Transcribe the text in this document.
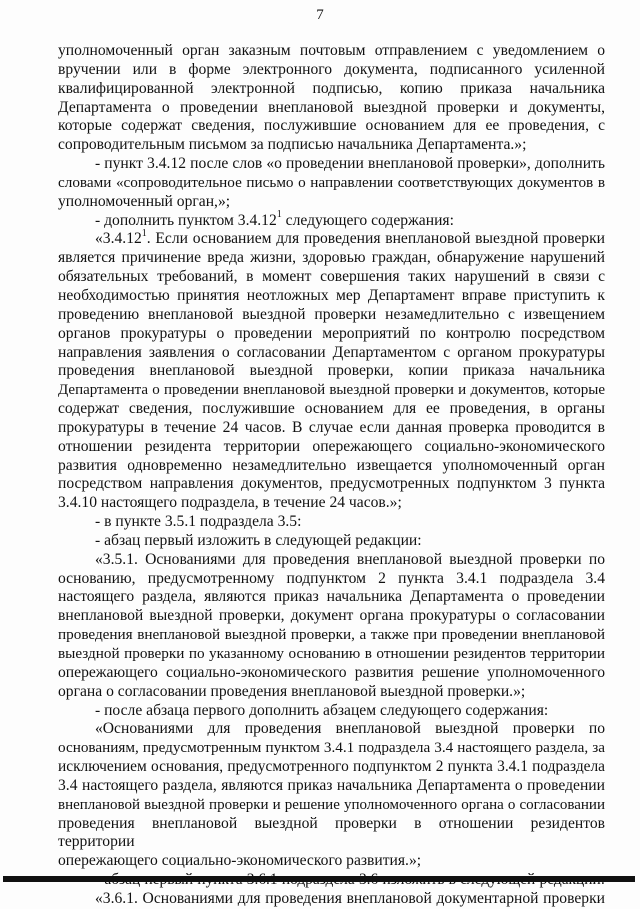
7

уполномоченный орган заказным почтовым отправлением с уведомлением о

вручении или в форме электронного документа, подписанного усиленной

квалифицированной электронной подписью, копию приказа начальника

Департамента о проведении внеплановой выездной проверки и документы,

которые содержат сведения, послужившие основанием для ее проведения, с

сопроводительным письмом за подписью начальника Департамента.»;

- пункт 3.4.12 после слов «о проведении внеплановой проверки», дополнить

словами «сопроводительное письмо о направлении соответствующих документов в

уполномоченный орган,»;

- дополнить пунктом 3.4.12$^1$ следующего содержания:

«3.4.12$^1$. Если основанием для проведения внеплановой выездной проверки

является причинение вреда жизни, здоровью граждан, обнаружение нарушений

обязательных требований, в момент совершения таких нарушений в связи с

необходимостью принятия неотложных мер Департамент вправе приступить к

проведению внеплановой выездной проверки незамедлительно с извещением

органов прокуратуры о проведении мероприятий по контролю посредством

направления заявления о согласовании Департаментом с органом прокуратуры

проведения внеплановой выездной проверки, копии приказа начальника

Департамента о проведении внеплановой выездной проверки и документов, которые

содержат сведения, послужившие основанием для ее проведения, в органы

прокуратуры в течение 24 часов. В случае если данная проверка проводится в

отношении резидента территории опережающего социально-экономического

развития одновременно незамедлительно извещается уполномоченный орган

посредством направления документов, предусмотренных подпунктом 3 пункта

3.4.10 настоящего подраздела, в течение 24 часов.»;

- в пункте 3.5.1 подраздела 3.5:

- абзац первый изложить в следующей редакции:

«3.5.1. Основаниями для проведения внеплановой выездной проверки по

основанию, предусмотренному подпунктом 2 пункта 3.4.1 подраздела 3.4

настоящего раздела, являются приказ начальника Департамента о проведении

внеплановой выездной проверки, документ органа прокуратуры о согласовании

проведения внеплановой выездной проверки, а также при проведении внеплановой

выездной проверки по указанному основанию в отношении резидентов территории

опережающего социально-экономического развития решение уполномоченного

органа о согласовании проведения внеплановой выездной проверки.»;

- после абзаца первого дополнить абзацем следующего содержания:

«Основаниями для проведения внеплановой выездной проверки по

основаниям, предусмотренным пунктом 3.4.1 подраздела 3.4 настоящего раздела, за

исключением основания, предусмотренного подпунктом 2 пункта 3.4.1 подраздела

3.4 настоящего раздела, являются приказ начальника Департамента о проведении

внеплановой выездной проверки и решение уполномоченного органа о согласовании

проведения внеплановой выездной проверки в отношении резидентов территории

опережающего социально-экономического развития.»;

«3.6.1. Основаниями для проведения внеплановой документарной проверки
